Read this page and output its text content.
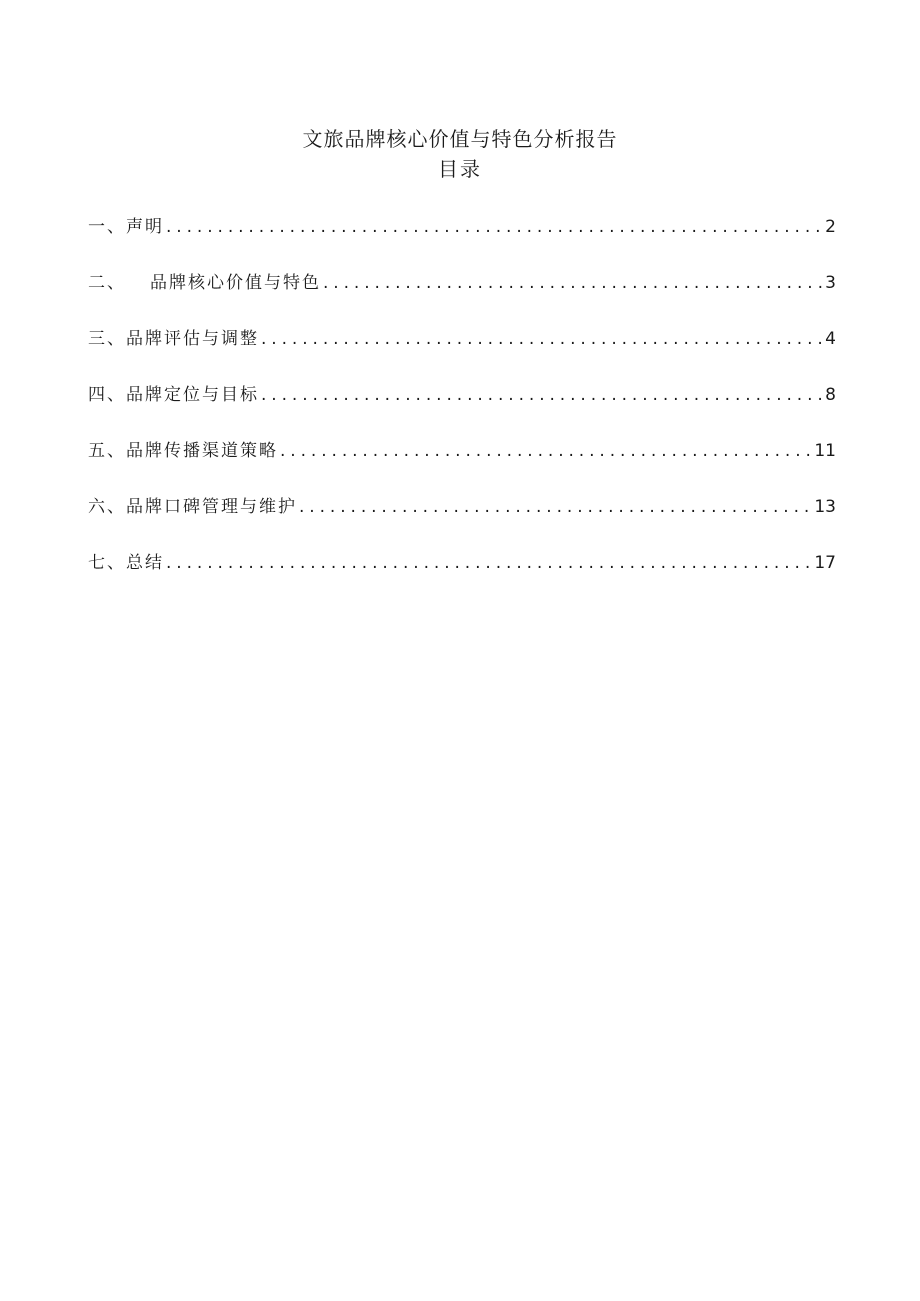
文旅品牌核心价值与特色分析报告
目录
一、 声明 .....	2
二、	品牌核心价值与特色 .....	3
三、 品牌评估与调整 .....	4
四、 品牌定位与目标 .....	8
五、 品牌传播渠道策略 .....	11
六、 品牌口碑管理与维护 .....	13
七、 总结 .....	17
